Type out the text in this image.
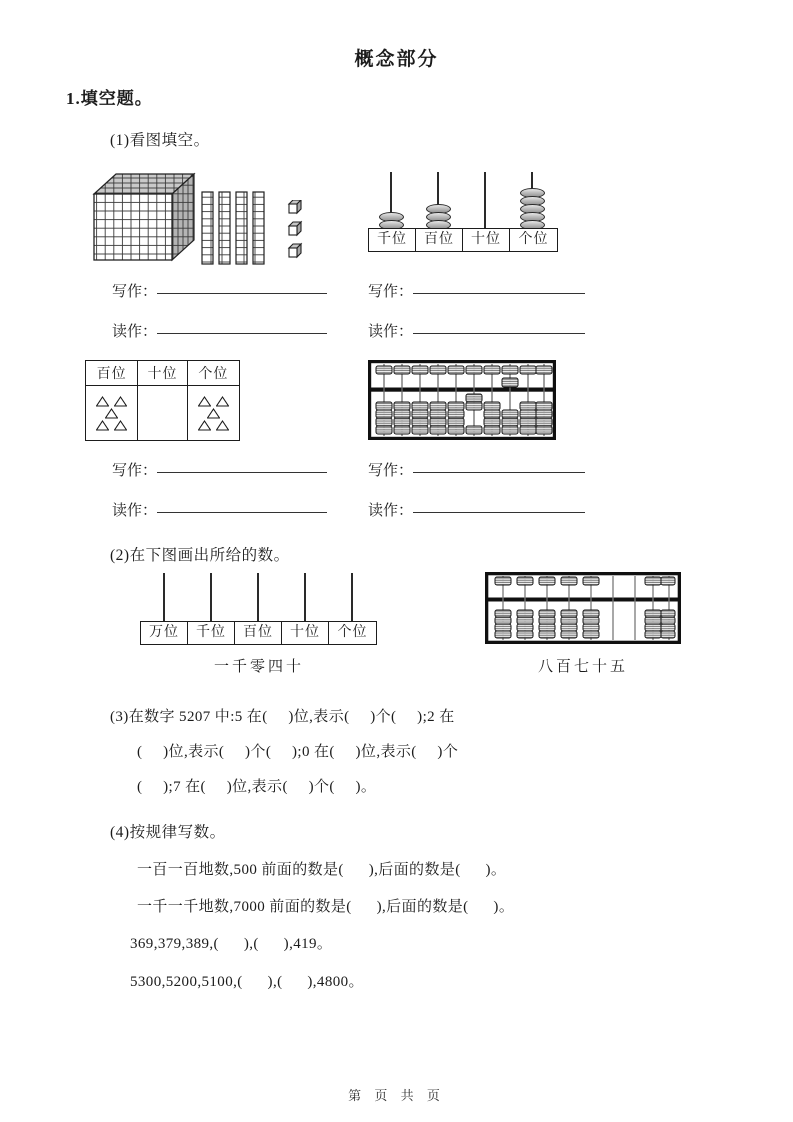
概念部分
1.填空题。
(1)看图填空。
千位	百位	十位	个位
写作：
读作：
写作：
读作：
百位	十位	个位

写作：
读作：
写作：
读作：
(2)在下图画出所给的数。
万位	千位	百位	十位	个位
一千零四十	八百七十五
(3)在数字 5207 中:5 在(     )位,表示(     )个(     );2 在
(     )位,表示(     )个(     );0 在(     )位,表示(     )个
(     );7 在(     )位,表示(     )个(     )。
(4)按规律写数。
一百一百地数,500 前面的数是(      ),后面的数是(      )。
一千一千地数,7000 前面的数是(      ),后面的数是(      )。
369,379,389,(      ),(      ),419。
5300,5200,5100,(      ),(      ),4800。
第 页 共 页
